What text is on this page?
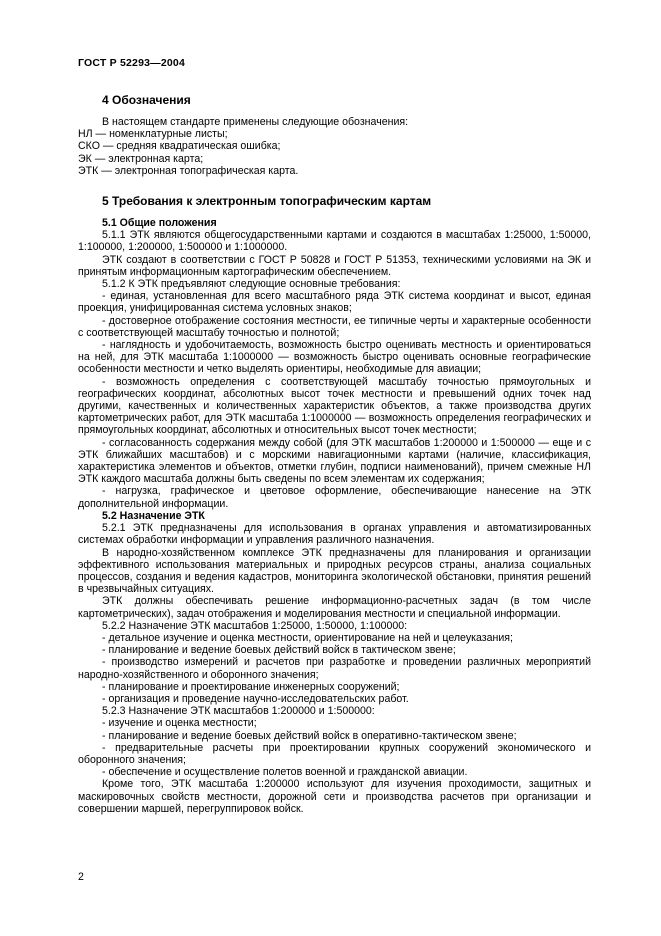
ГОСТ Р 52293—2004
4 Обозначения
В настоящем стандарте применены следующие обозначения:
НЛ — номенклатурные листы;
СКО — средняя квадратическая ошибка;
ЭК — электронная карта;
ЭТК — электронная топографическая карта.
5 Требования к электронным топографическим картам
5.1 Общие положения
5.1.1 ЭТК являются общегосударственными картами и создаются в масштабах 1:25000, 1:50000, 1:100000, 1:200000, 1:500000 и 1:1000000.
ЭТК создают в соответствии с ГОСТ Р 50828 и ГОСТ Р 51353, техническими условиями на ЭК и принятым информационным картографическим обеспечением.
5.1.2 К ЭТК предъявляют следующие основные требования:
- единая, установленная для всего масштабного ряда ЭТК система координат и высот, единая проекция, унифицированная система условных знаков;
- достоверное отображение состояния местности, ее типичные черты и характерные особенности с соответствующей масштабу точностью и полнотой;
- наглядность и удобочитаемость, возможность быстро оценивать местность и ориентироваться на ней, для ЭТК масштаба 1:1000000 — возможность быстро оценивать основные географические особенности местности и четко выделять ориентиры, необходимые для авиации;
- возможность определения с соответствующей масштабу точностью прямоугольных и географических координат, абсолютных высот точек местности и превышений одних точек над другими, качественных и количественных характеристик объектов, а также производства других картометрических работ, для ЭТК масштаба 1:1000000 — возможность определения географических и прямоугольных координат, абсолютных и относительных высот точек местности;
- согласованность содержания между собой (для ЭТК масштабов 1:200000 и 1:500000 — еще и с ЭТК ближайших масштабов) и с морскими навигационными картами (наличие, классификация, характеристика элементов и объектов, отметки глубин, подписи наименований), причем смежные НЛ ЭТК каждого масштаба должны быть сведены по всем элементам их содержания;
- нагрузка, графическое и цветовое оформление, обеспечивающие нанесение на ЭТК дополнительной информации.
5.2 Назначение ЭТК
5.2.1 ЭТК предназначены для использования в органах управления и автоматизированных системах обработки информации и управления различного назначения.
В народно-хозяйственном комплексе ЭТК предназначены для планирования и организации эффективного использования материальных и природных ресурсов страны, анализа социальных процессов, создания и ведения кадастров, мониторинга экологической обстановки, принятия решений в чрезвычайных ситуациях.
ЭТК должны обеспечивать решение информационно-расчетных задач (в том числе картометрических), задач отображения и моделирования местности и специальной информации.
5.2.2 Назначение ЭТК масштабов 1:25000, 1:50000, 1:100000:
- детальное изучение и оценка местности, ориентирование на ней и целеуказания;
- планирование и ведение боевых действий войск в тактическом звене;
- производство измерений и расчетов при разработке и проведении различных мероприятий народно-хозяйственного и оборонного значения;
- планирование и проектирование инженерных сооружений;
- организация и проведение научно-исследовательских работ.
5.2.3 Назначение ЭТК масштабов 1:200000 и 1:500000:
- изучение и оценка местности;
- планирование и ведение боевых действий войск в оперативно-тактическом звене;
- предварительные расчеты при проектировании крупных сооружений экономического и оборонного значения;
- обеспечение и осуществление полетов военной и гражданской авиации.
Кроме того, ЭТК масштаба 1:200000 используют для изучения проходимости, защитных и маскировочных свойств местности, дорожной сети и производства расчетов при организации и совершении маршей, перегруппировок войск.
2
